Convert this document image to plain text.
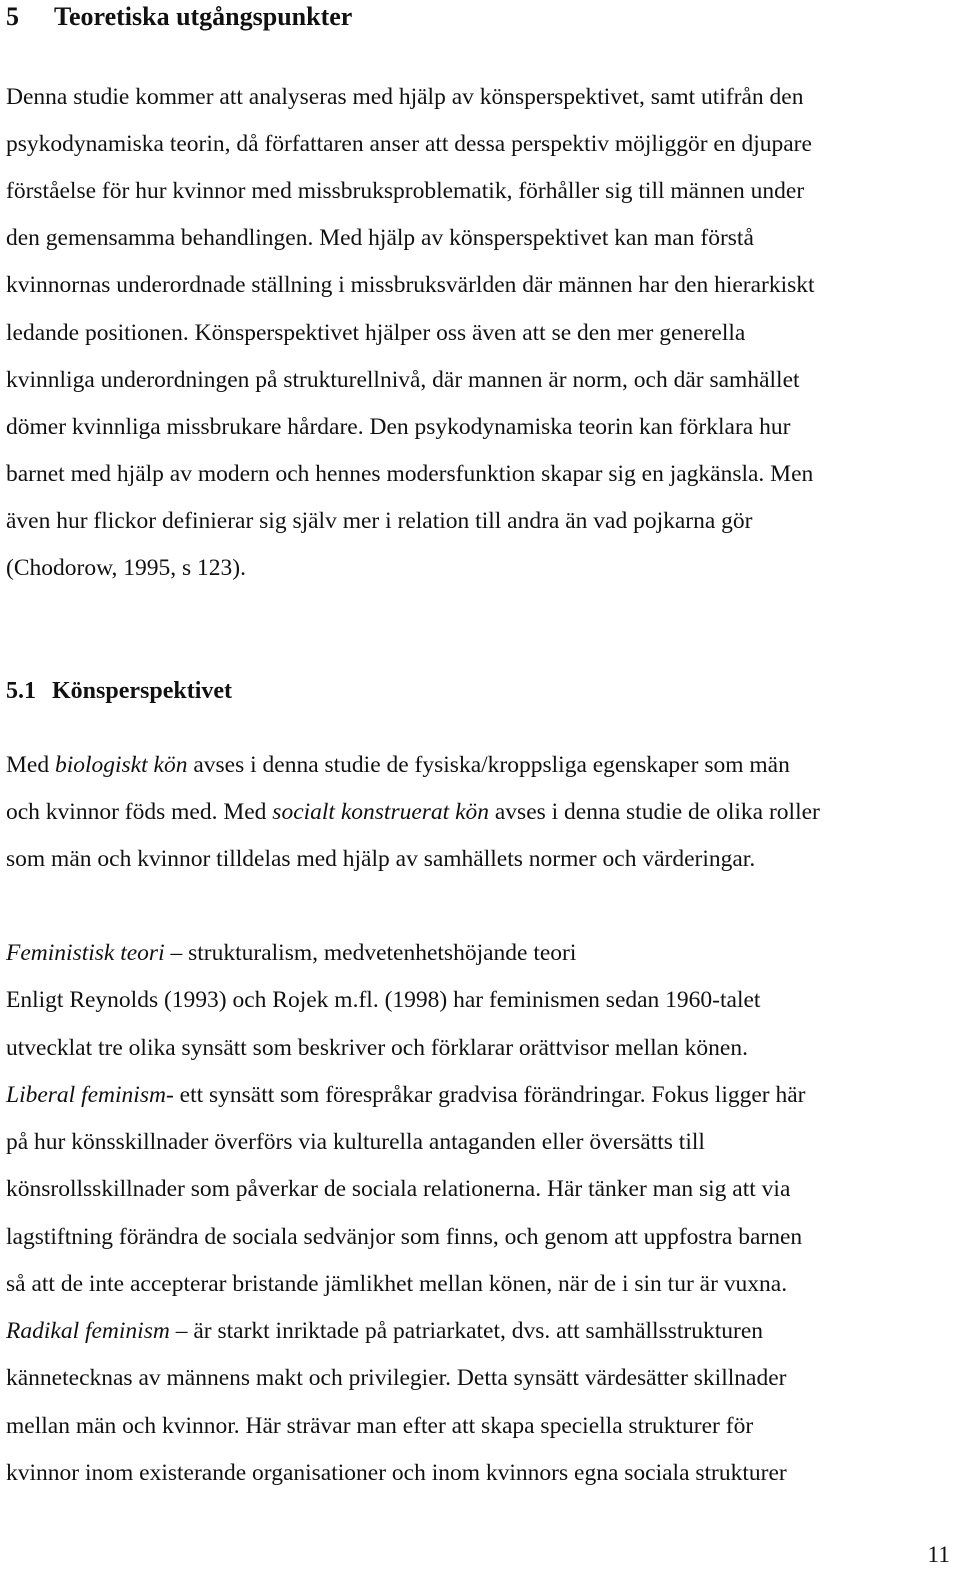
5 Teoretiska utgångspunkter
Denna studie kommer att analyseras med hjälp av könsperspektivet, samt utifrån den
psykodynamiska teorin, då författaren anser att dessa perspektiv möjliggör en djupare
förståelse för hur kvinnor med missbruksproblematik, förhåller sig till männen under
den gemensamma behandlingen. Med hjälp av könsperspektivet kan man förstå
kvinnornas underordnade ställning i missbruksvärlden där männen har den hierarkiskt
ledande positionen. Könsperspektivet hjälper oss även att se den mer generella
kvinnliga underordningen på strukturellnivå, där mannen är norm, och där samhället
dömer kvinnliga missbrukare hårdare. Den psykodynamiska teorin kan förklara hur
barnet med hjälp av modern och hennes modersfunktion skapar sig en jagkänsla. Men
även hur flickor definierar sig själv mer i relation till andra än vad pojkarna gör
(Chodorow, 1995, s 123).
5.1 Könsperspektivet
Med biologiskt kön avses i denna studie de fysiska/kroppsliga egenskaper som män
och kvinnor föds med. Med socialt konstruerat kön avses i denna studie de olika roller
som män och kvinnor tilldelas med hjälp av samhällets normer och värderingar.
Feministisk teori – strukturalism, medvetenhetshöjande teori
Enligt Reynolds (1993) och Rojek m.fl. (1998) har feminismen sedan 1960-talet
utvecklat tre olika synsätt som beskriver och förklarar orättvisor mellan könen.
Liberal feminism- ett synsätt som förespråkar gradvisa förändringar. Fokus ligger här
på hur könsskillnader överförs via kulturella antaganden eller översätts till
könsrollsskillnader som påverkar de sociala relationerna. Här tänker man sig att via
lagstiftning förändra de sociala sedvänjor som finns, och genom att uppfostra barnen
så att de inte accepterar bristande jämlikhet mellan könen, när de i sin tur är vuxna.
Radikal feminism – är starkt inriktade på patriarkatet, dvs. att samhällsstrukturen
kännetecknas av männens makt och privilegier. Detta synsätt värdesätter skillnader
mellan män och kvinnor. Här strävar man efter att skapa speciella strukturer för
kvinnor inom existerande organisationer och inom kvinnors egna sociala strukturer
11
